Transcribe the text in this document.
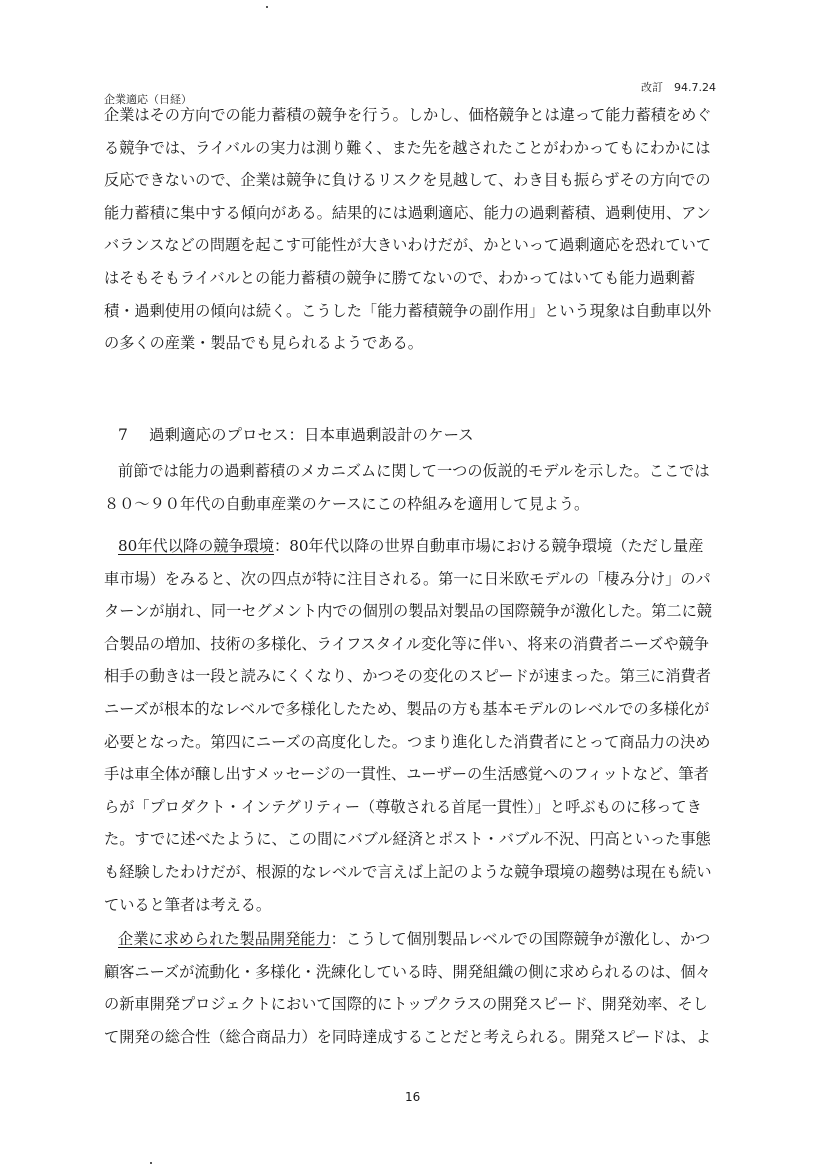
企業適応（日経）
改訂　94.7.24
企業はその方向での能力蓄積の競争を行う。しかし、価格競争とは違って能力蓄積をめぐ
る競争では、ライバルの実力は測り難く、また先を越されたことがわかってもにわかには
反応できないので、企業は競争に負けるリスクを見越して、わき目も振らずその方向での
能力蓄積に集中する傾向がある。結果的には過剰適応、能力の過剰蓄積、過剰使用、アン
バランスなどの問題を起こす可能性が大きいわけだが、かといって過剰適応を恐れていて
はそもそもライバルとの能力蓄積の競争に勝てないので、わかってはいても能力過剰蓄
積・過剰使用の傾向は続く。こうした「能力蓄積競争の副作用」という現象は自動車以外
の多くの産業・製品でも見られるようである。
7 過剰適応のプロセス：日本車過剰設計のケース
前節では能力の過剰蓄積のメカニズムに関して一つの仮説的モデルを示した。ここでは
８０～９０年代の自動車産業のケースにこの枠組みを適用して見よう。
80年代以降の競争環境：80年代以降の世界自動車市場における競争環境（ただし量産
車市場）をみると、次の四点が特に注目される。第一に日米欧モデルの「棲み分け」のパ
ターンが崩れ、同一セグメント内での個別の製品対製品の国際競争が激化した。第二に競
合製品の増加、技術の多様化、ライフスタイル変化等に伴い、将来の消費者ニーズや競争
相手の動きは一段と読みにくくなり、かつその変化のスピードが速まった。第三に消費者
ニーズが根本的なレベルで多様化したため、製品の方も基本モデルのレベルでの多様化が
必要となった。第四にニーズの高度化した。つまり進化した消費者にとって商品力の決め
手は車全体が醸し出すメッセージの一貫性、ユーザーの生活感覚へのフィットなど、筆者
らが「プロダクト・インテグリティー（尊敬される首尾一貫性）」と呼ぶものに移ってき
た。すでに述べたように、この間にバブル経済とポスト・バブル不況、円高といった事態
も経験したわけだが、根源的なレベルで言えば上記のような競争環境の趨勢は現在も続い
ていると筆者は考える。
企業に求められた製品開発能力：こうして個別製品レベルでの国際競争が激化し、かつ
顧客ニーズが流動化・多様化・洗練化している時、開発組織の側に求められるのは、個々
の新車開発プロジェクトにおいて国際的にトップクラスの開発スピード、開発効率、そし
て開発の総合性（総合商品力）を同時達成することだと考えられる。開発スピードは、よ
16
